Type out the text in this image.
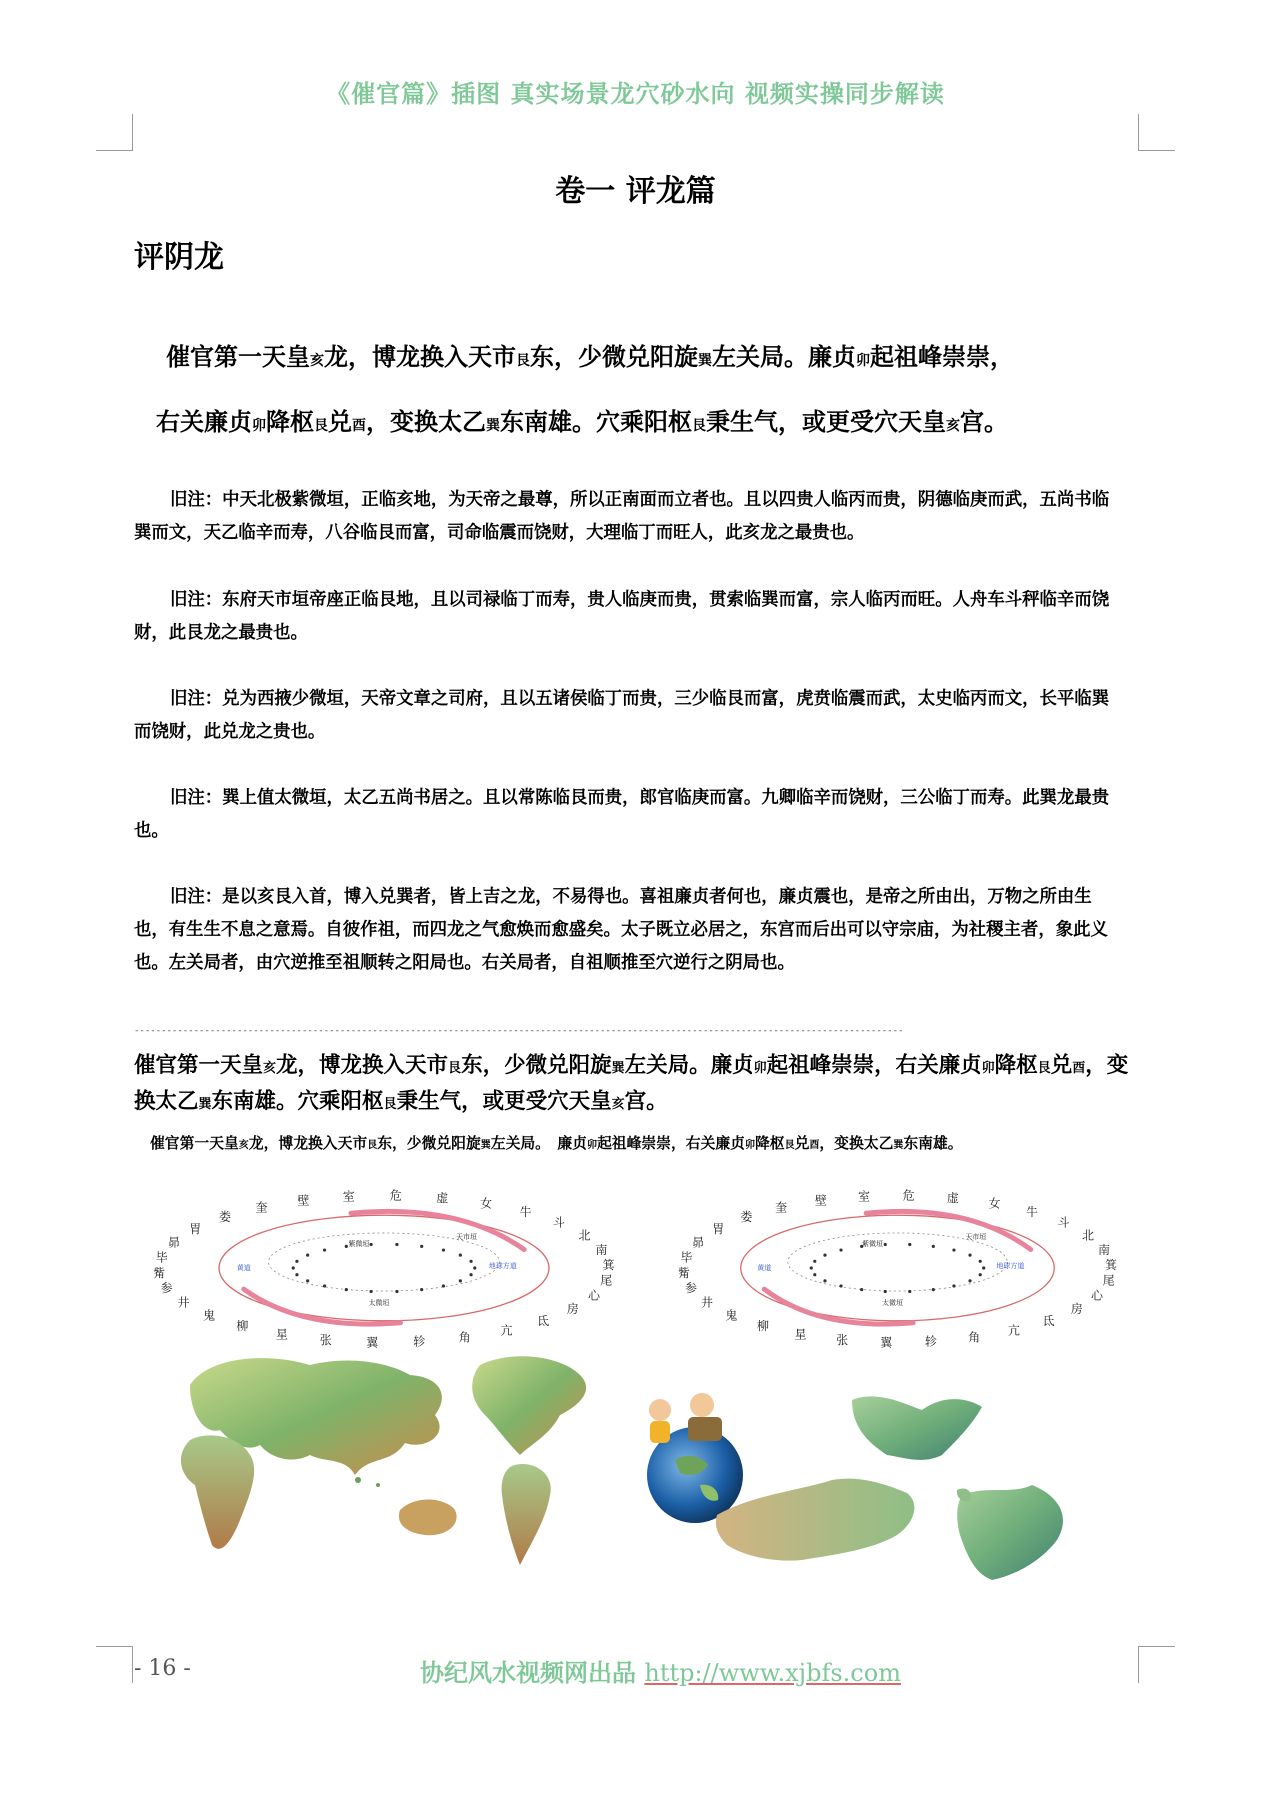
《催官篇》插图 真实场景龙穴砂水向 视频实操同步解读
卷一 评龙篇
评阴龙
催官第一天皇亥龙，博龙换入天市艮东，少微兑阳旋巽左关局。廉贞卯起祖峰崇崇，
右关廉贞卯降枢艮兑酉，变换太乙巽东南雄。穴乘阳枢艮秉生气，或更受穴天皇亥宫。
旧注：中天北极紫微垣，正临亥地，为天帝之最尊，所以正南面而立者也。且以四贵人临丙而贵，阴德临庚而武，五尚书临巽而文，天乙临辛而寿，八谷临艮而富，司命临震而饶财，大理临丁而旺人，此亥龙之最贵也。
旧注：东府天市垣帝座正临艮地，且以司禄临丁而寿，贵人临庚而贵，贯索临巽而富，宗人临丙而旺。人舟车斗秤临辛而饶财，此艮龙之最贵也。
旧注：兑为西掖少微垣，天帝文章之司府，且以五诸侯临丁而贵，三少临艮而富，虎贲临震而武，太史临丙而文，长平临巽而饶财，此兑龙之贵也。
旧注：巽上值太微垣，太乙五尚书居之。且以常陈临艮而贵，郎官临庚而富。九卿临辛而饶财，三公临丁而寿。此巽龙最贵也。
旧注：是以亥艮入首，博入兑巽者，皆上吉之龙，不易得也。喜祖廉贞者何也，廉贞震也，是帝之所由出，万物之所由生也，有生生不息之意焉。自彼作祖，而四龙之气愈焕而愈盛矣。太子既立必居之，东宫而后出可以守宗庙，为社稷主者，象此义也。左关局者，由穴逆推至祖顺转之阳局也。右关局者，自祖顺推至穴逆行之阴局也。
----------------------------------------------------------------------------------------------------------------------------------------------
催官第一天皇亥龙，博龙换入天市艮东，少微兑阳旋巽左关局。廉贞卯起祖峰崇崇，右关廉贞卯降枢艮兑酉，变换太乙巽东南雄。穴乘阳枢艮秉生气，或更受穴天皇亥宫。
催官第一天皇亥龙，博龙换入天市艮东，少微兑阳旋巽左关局。　廉贞卯起祖峰崇崇，右关廉贞卯降枢艮兑酉，变换太乙巽东南雄。
北
斗
牛
女
虚
危
室
壁
奎
娄
胃
昴
毕
觜
参
井
鬼
柳
星	张	翼	轸	角 亢
氐
房
心
尾
箕
南
紫微垣
天市垣
太微垣
地球方道
黄道
北
斗
牛
女
虚
危
室
壁
奎
娄
胃
昴
毕
觜
参
井
鬼
柳
星 张	翼	轸	角 亢
氐
房
心
尾
箕
南
紫微垣
天市垣
太微垣
地球方道
黄道
- 16 -	协纪风水视频网出品 http://www.xjbfs.com
